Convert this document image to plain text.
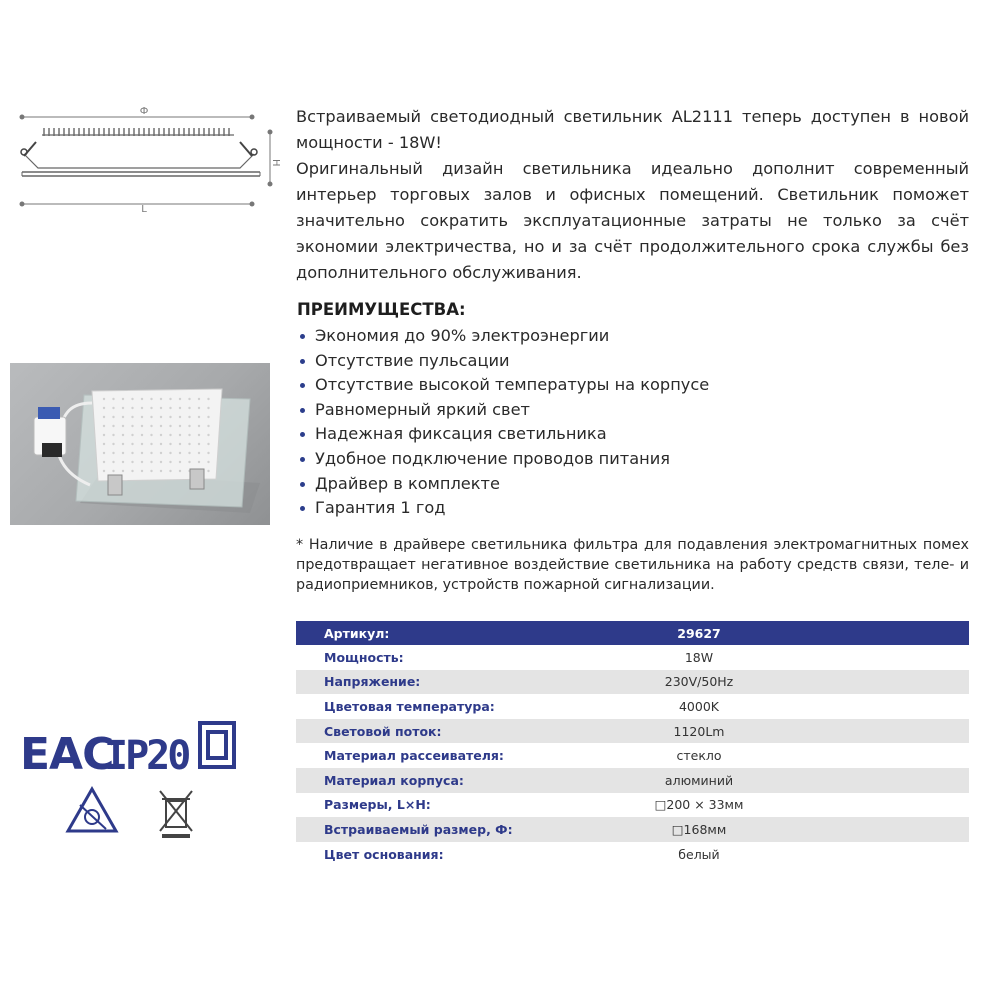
Ф
H
L
EAC
IP20

Встраиваемый светодиодный светильник AL2111 теперь доступен в новой мощности - 18W!

Оригинальный дизайн светильника идеально дополнит современный интерьер торговых залов и офисных помещений. Светильник поможет значительно сократить эксплуатационные затраты не только за счёт экономии электричества, но и за счёт продолжительного срока службы без дополнительного обслуживания.

ПРЕИМУЩЕСТВА:
Экономия до 90% электроэнергии
Отсутствие пульсации
Отсутствие высокой температуры на корпусе
Равномерный яркий свет
Надежная фиксация светильника
Удобное подключение проводов питания
Драйвер в комплекте
Гарантия 1 год
* Наличие в драйвере светильника фильтра для подавления электромагнитных помех предотвращает негативное воздействие светильника на работу средств связи, теле- и радиоприемников, устройств пожарной сигнализации.
Артикул:	29627
Мощность:	18W
Напряжение:	230V/50Hz
Цветовая температура:	4000K
Световой поток:	1120Lm
Материал рассеивателя:	стекло
Материал корпуса:	алюминий
Размеры, L×H:	□200 × 33мм
Встраиваемый размер, Ф:	□168мм
Цвет основания:	белый
